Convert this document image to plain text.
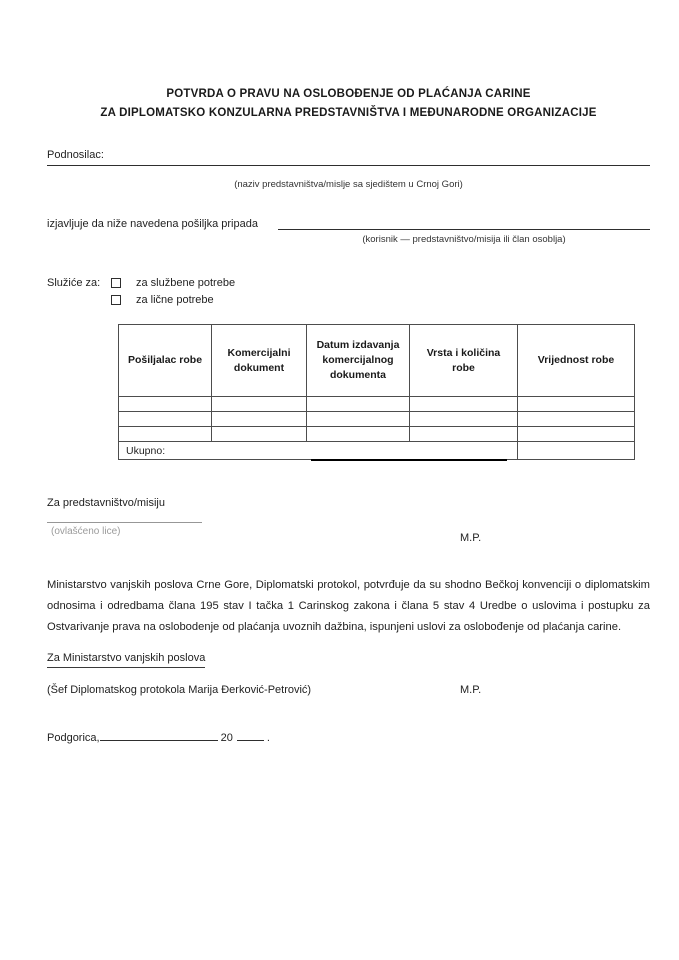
POTVRDA O PRAVU NA OSLOBOĐENJE OD PLAĆANJA CARINE
ZA DIPLOMATSKO KONZULARNA PREDSTAVNIŠTVA I MEĐUNARODNE ORGANIZACIJE
Podnosilac:
(naziv predstavništva/mislje sa sjedištem u Crnoj Gori)
izjavljuje da niže navedena pošiljka pripada
(korisnik — predstavništvo/misija ili član osoblja)
Služiće za:	za službene potrebe
za lične potrebe
Pošiljalac robe	Komercijalni dokument	Datum izdavanja komercijalnog dokumenta	Vrsta i količina robe	Vrijednost robe

Ukupno:			

Za predstavništvo/misiju
(ovlašćeno lice)
M.P.
Ministarstvo vanjskih poslova Crne Gore, Diplomatski protokol, potvrđuje da su shodno Bečkoj konvenciji o diplomatskim odnosima i odredbama člana 195 stav I tačka 1 Carinskog zakona i člana 5 stav 4 Uredbe o uslovima i postupku za Ostvarivanje prava na oslobodenje od plaćanja uvoznih dažbina, ispunjeni uslovi za oslobođenje od plaćanja carine.
Za Ministarstvo vanjskih poslova
(Šef Diplomatskog protokola Marija Đerković-Petrović)	M.P.
Podgorica,	20	.
